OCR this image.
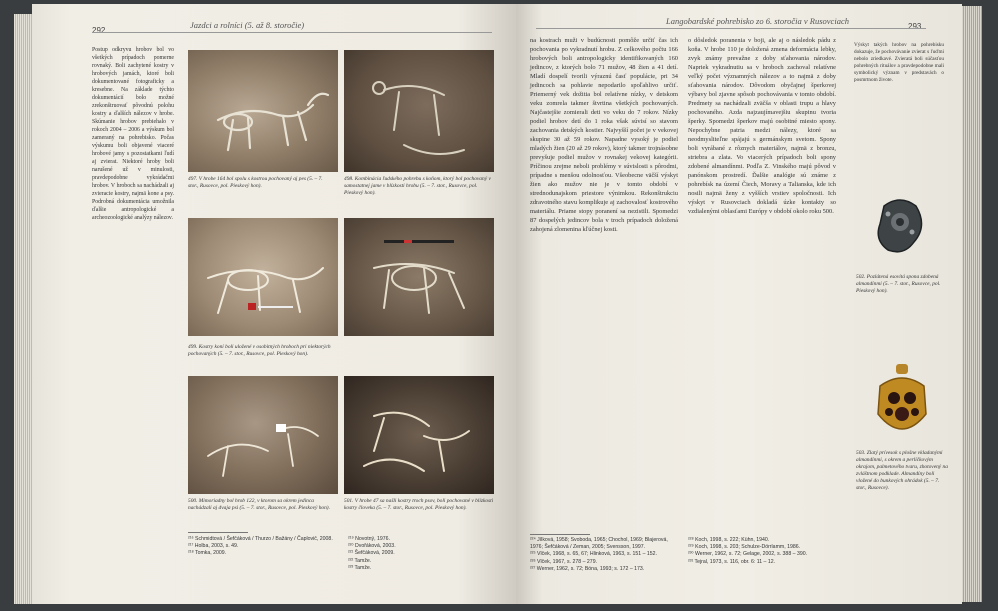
292
Jazdci a rolníci (5. až 8. storočie)
Postup odkryvu hrobov bol vo všetkých prípadoch pomerne rovnaký. Boli zachytené kostry v hrobových jamách, ktoré boli dokumentované fotograficky a kresebne. Na základe týchto dokumentácií bolo možné zrekonštruovať pôvodnú polohu kostry a ďalších nálezov v hrobe. Skúmanie hrobov prebiehalo v rokoch 2004 – 2006 a výskum bol zameraný na pohrebisko. Počas výskumu boli objavené viaceré hrobové jamy s pozostatkami ľudí aj zvierat. Niektoré hroby boli narušené už v minulosti, pravdepodobne vykrádačmi hrobov. V hroboch sa nachádzali aj zvieracie kostry, najmä kone a psy. Podrobná dokumentácia umožnila ďalšie antropologické a archeozoologické analýzy nálezov.
497. V hrobe 164 bol spolu s kostrou pochovaný aj pes (5. – 7. stor., Rusovce, pol. Pieskový hon).
498. Kombinácia ľudského pohrebu s koňom, ktorý bol pochovaný v samostatnej jame v blízkosti hrobu (5. – 7. stor., Rusovce, pol. Pieskový hon).
499. Kostry koní boli uložené v osobitných hroboch pri niektorých pochovaných (5. – 7. stor., Rusovce, pol. Pieskový hon).
500. Mimoriadny bol hrob 122, v ktorom sa okrem jedinca nachádzali aj dvaja psi (5. – 7. stor., Rusovce, pol. Pieskový hon).
501. V hrobe 47 sa našli kostry troch psov, boli pochované v blízkosti kostry človeka (5. – 7. stor., Rusovce, pol. Pieskový hon).
²¹⁶ Schmidtová / Šefčáková / Thurzo / Bažány / Čaplovič, 2008.
²¹⁷ Holba, 2003, s. 49.
²¹⁸ Tomka, 2009.
²¹⁹ Novotný, 1976.
²²⁰ Dvořáková, 2003.
²²¹ Šefčáková, 2009.
²²² Tamže.
²²³ Tamže.
Langobardské pohrebisko zo 6. storočia v Rusovciach
293
na kostrach muži v budúcnosti pomôže určiť čas ich pochovania po vykradnutí hrobu. Z celkového počtu 166 hrobových boli antropologicky identifikovaných 160 jedincov, z ktorých bolo 71 mužov, 48 žien a 41 detí. Mladí dospelí tvorili výraznú časť populácie, pri 34 jedincoch sa pohlavie nepodarilo spoľahlivo určiť. Priemerný vek dožitia bol relatívne nízky, v detskom veku zomrela takmer štvrtina všetkých pochovaných. Najčastejšie zomierali deti vo veku do 7 rokov. Nízky podiel hrobov detí do 1 roka však súvisí so stavom zachovania detských kostier. Najvyšší počet je v vekovej skupine 30 až 59 rokov. Napadne vysoký je podiel mladých žien (20 až 29 rokov), ktorý takmer trojnásobne prevyšuje podiel mužov v rovnakej vekovej kategórii. Príčinou zrejme neboli problémy v súvislosti s pôrodmi, prípadne s menšou odolnosťou. Všeobecne väčší výskyt žien ako mužov nie je v tomto období v strednodunajskom priestore výnimkou. Rekonštrukciu zdravotného stavu komplikuje aj zachovalosť kostrového materiálu. Priame stopy poranení sa nezistili. Spomedzi 87 dospelých jedincov bola v troch prípadoch doložená zahojená zlomenina kľúčnej kosti.
o dôsledok poranenia v boji, ale aj o následok pádu z koňa. V hrobe 110 je doložená zmena deformácia lebky, zvyk známy prevažne z doby sťahovania národov. Napriek vykradnutiu sa v hroboch zachoval relatívne veľký počet významných nálezov a to najmä z doby sťahovania národov. Dôvodom obyčajnej šperkovej výbavy bol zjavne spôsob pochovávania v tomto období. Predmety sa nachádzali zväčša v oblasti trupu a hlavy pochovaného. Azda najzaujímavejšiu skupinu tvoria šperky. Spomedzi šperkov majú osobitné miesto spony. Nepochybne patria medzi nálezy, ktoré sa neodmysliteľne spájajú s germánskym svetom. Spony boli vyrábané z rôznych materiálov, najmä z bronzu, striebra a zlata. Vo viacerých prípadoch boli spony zdobené almandínmi. Podľa Z. Vinského majú pôvod v panónskom prostredí. Ďalšie analógie sú známe z pohrebísk na území Čiech, Moravy a Talianska, kde ich nosili najmä ženy z vyšších vrstiev spoločnosti. Ich výskyt v Rusovciach dokladá úzke kontakty so vzdialenými oblasťami Európy v období okolo roku 500.
Výskyt takých hrobov na pohrebisku dokazuje, že pochovávanie zvierat s ľuďmi nebolo zriedkavé. Zvieratá boli súčasťou pohrebných rituálov a pravdepodobne mali symbolický význam v predstavách o posmrtnom živote.
502. Pozlátená esovitá spona zdobená almandínmi (5. – 7. stor., Rusovce, pol. Pieskový hon).
503. Zlatý prívesok s plošne vkladanými almandínmi, s okrem a perlíčkovým okrajom, palmetového tvaru, zhotovený na zvláštnom podklade. Almandíny boli vložené do bunkových ohrádok (5. – 7. stor., Rusovce).
²²⁴ Jílková, 1958; Svoboda, 1965; Chochol, 1969; Blajerová, 1976; Šefčáková / Zeman, 2005; Svensson, 1997.
²²⁵ Vlček, 1968, s. 65, 67; Hlinková, 1963, s. 151 – 152.
²²⁶ Vlček, 1967, s. 278 – 279.
²²⁷ Werner, 1962, s. 72; Bóna, 1993; s. 172 – 173.
²²⁸ Koch, 1998, s. 222; Kühn, 1940.
²²⁹ Koch, 1998, s. 203; Schulze-Dörrlamm, 1986.
²³⁰ Werner, 1962, s. 72; Gelage, 2002, s. 388 – 390.
²³¹ Tejral, 1973, s. 116, obr. 6: 11 – 12.
